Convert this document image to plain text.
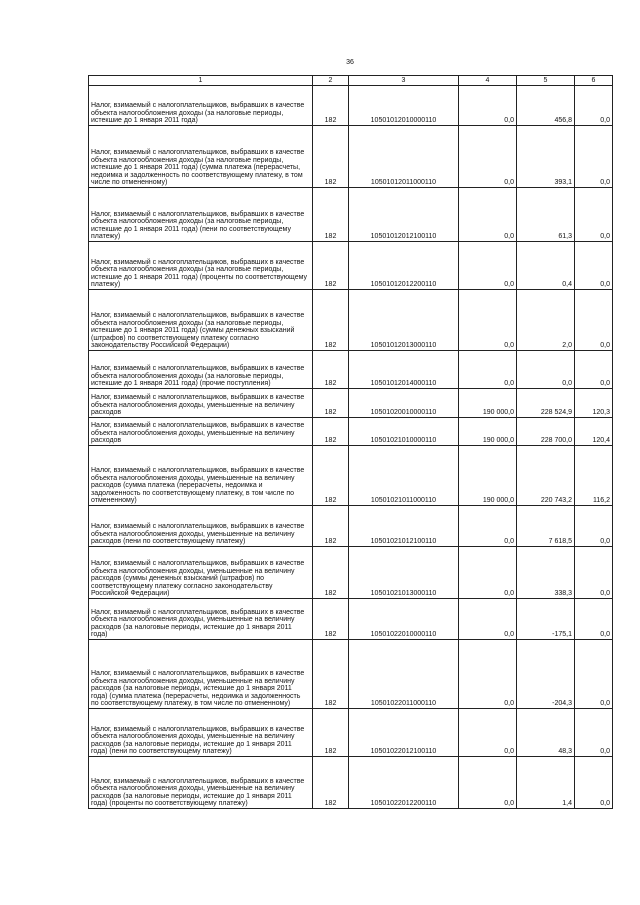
36
1	2	3	4	5	6
Налог, взимаемый с налогоплательщиков, выбравших в качестве объекта налогообложения доходы (за налоговые периоды, истекшие до 1 января 2011 года)	182	10501012010000110	0,0	456,8	0,0
Налог, взимаемый с налогоплательщиков, выбравших в качестве объекта налогообложения доходы (за налоговые периоды, истекшие до 1 января 2011 года) (сумма платежа (перерасчеты, недоимка и задолженность по соответствующему платежу, в том числе по отмененному)	182	10501012011000110	0,0	393,1	0,0
Налог, взимаемый с налогоплательщиков, выбравших в качестве объекта налогообложения доходы (за налоговые периоды, истекшие до 1 января 2011 года) (пени по соответствующему платежу)	182	10501012012100110	0,0	61,3	0,0
Налог, взимаемый с налогоплательщиков, выбравших в качестве объекта налогообложения доходы (за налоговые периоды, истекшие до 1 января 2011 года) (проценты по соответствующему платежу)	182	10501012012200110	0,0	0,4	0,0
Налог, взимаемый с налогоплательщиков, выбравших в качестве объекта налогообложения доходы (за налоговые периоды, истекшие до 1 января 2011 года) (суммы денежных взысканий (штрафов) по соответствующему платежу согласно законодательству Российской Федерации)	182	10501012013000110	0,0	2,0	0,0
Налог, взимаемый с налогоплательщиков, выбравших в качестве объекта налогообложения доходы (за налоговые периоды, истекшие до 1 января 2011 года) (прочие поступления)	182	10501012014000110	0,0	0,0	0,0
Налог, взимаемый с налогоплательщиков, выбравших в качестве объекта налогообложения доходы, уменьшенные на величину расходов	182	10501020010000110	190 000,0	228 524,9	120,3
Налог, взимаемый с налогоплательщиков, выбравших в качестве объекта налогообложения доходы, уменьшенные на величину расходов	182	10501021010000110	190 000,0	228 700,0	120,4
Налог, взимаемый с налогоплательщиков, выбравших в качестве объекта налогообложения доходы, уменьшенные на величину расходов (сумма платежа (перерасчеты, недоимка и задолженность по соответствующему платежу, в том числе по отмененному)	182	10501021011000110	190 000,0	220 743,2	116,2
Налог, взимаемый с налогоплательщиков, выбравших в качестве объекта налогообложения доходы, уменьшенные на величину расходов (пени по соответствующему платежу)	182	10501021012100110	0,0	7 618,5	0,0
Налог, взимаемый с налогоплательщиков, выбравших в качестве объекта налогообложения доходы, уменьшенные на величину расходов (суммы денежных взысканий (штрафов) по соответствующему платежу согласно законодательству Российской Федерации)	182	10501021013000110	0,0	338,3	0,0
Налог, взимаемый с налогоплательщиков, выбравших в качестве объекта налогообложения доходы, уменьшенные на величину расходов (за налоговые периоды, истекшие до 1 января 2011 года)	182	10501022010000110	0,0	-175,1	0,0
Налог, взимаемый с налогоплательщиков, выбравших в качестве объекта налогообложения доходы, уменьшенные на величину расходов (за налоговые периоды, истекшие до 1 января 2011 года) (сумма платежа (перерасчеты, недоимка и задолженность по соответствующему платежу, в том числе по отмененному)	182	10501022011000110	0,0	-204,3	0,0
Налог, взимаемый с налогоплательщиков, выбравших в качестве объекта налогообложения доходы, уменьшенные на величину расходов (за налоговые периоды, истекшие до 1 января 2011 года) (пени по соответствующему платежу)	182	10501022012100110	0,0	48,3	0,0
Налог, взимаемый с налогоплательщиков, выбравших в качестве объекта налогообложения доходы, уменьшенные на величину расходов (за налоговые периоды, истекшие до 1 января 2011 года) (проценты по соответствующему платежу)	182	10501022012200110	0,0	1,4	0,0
